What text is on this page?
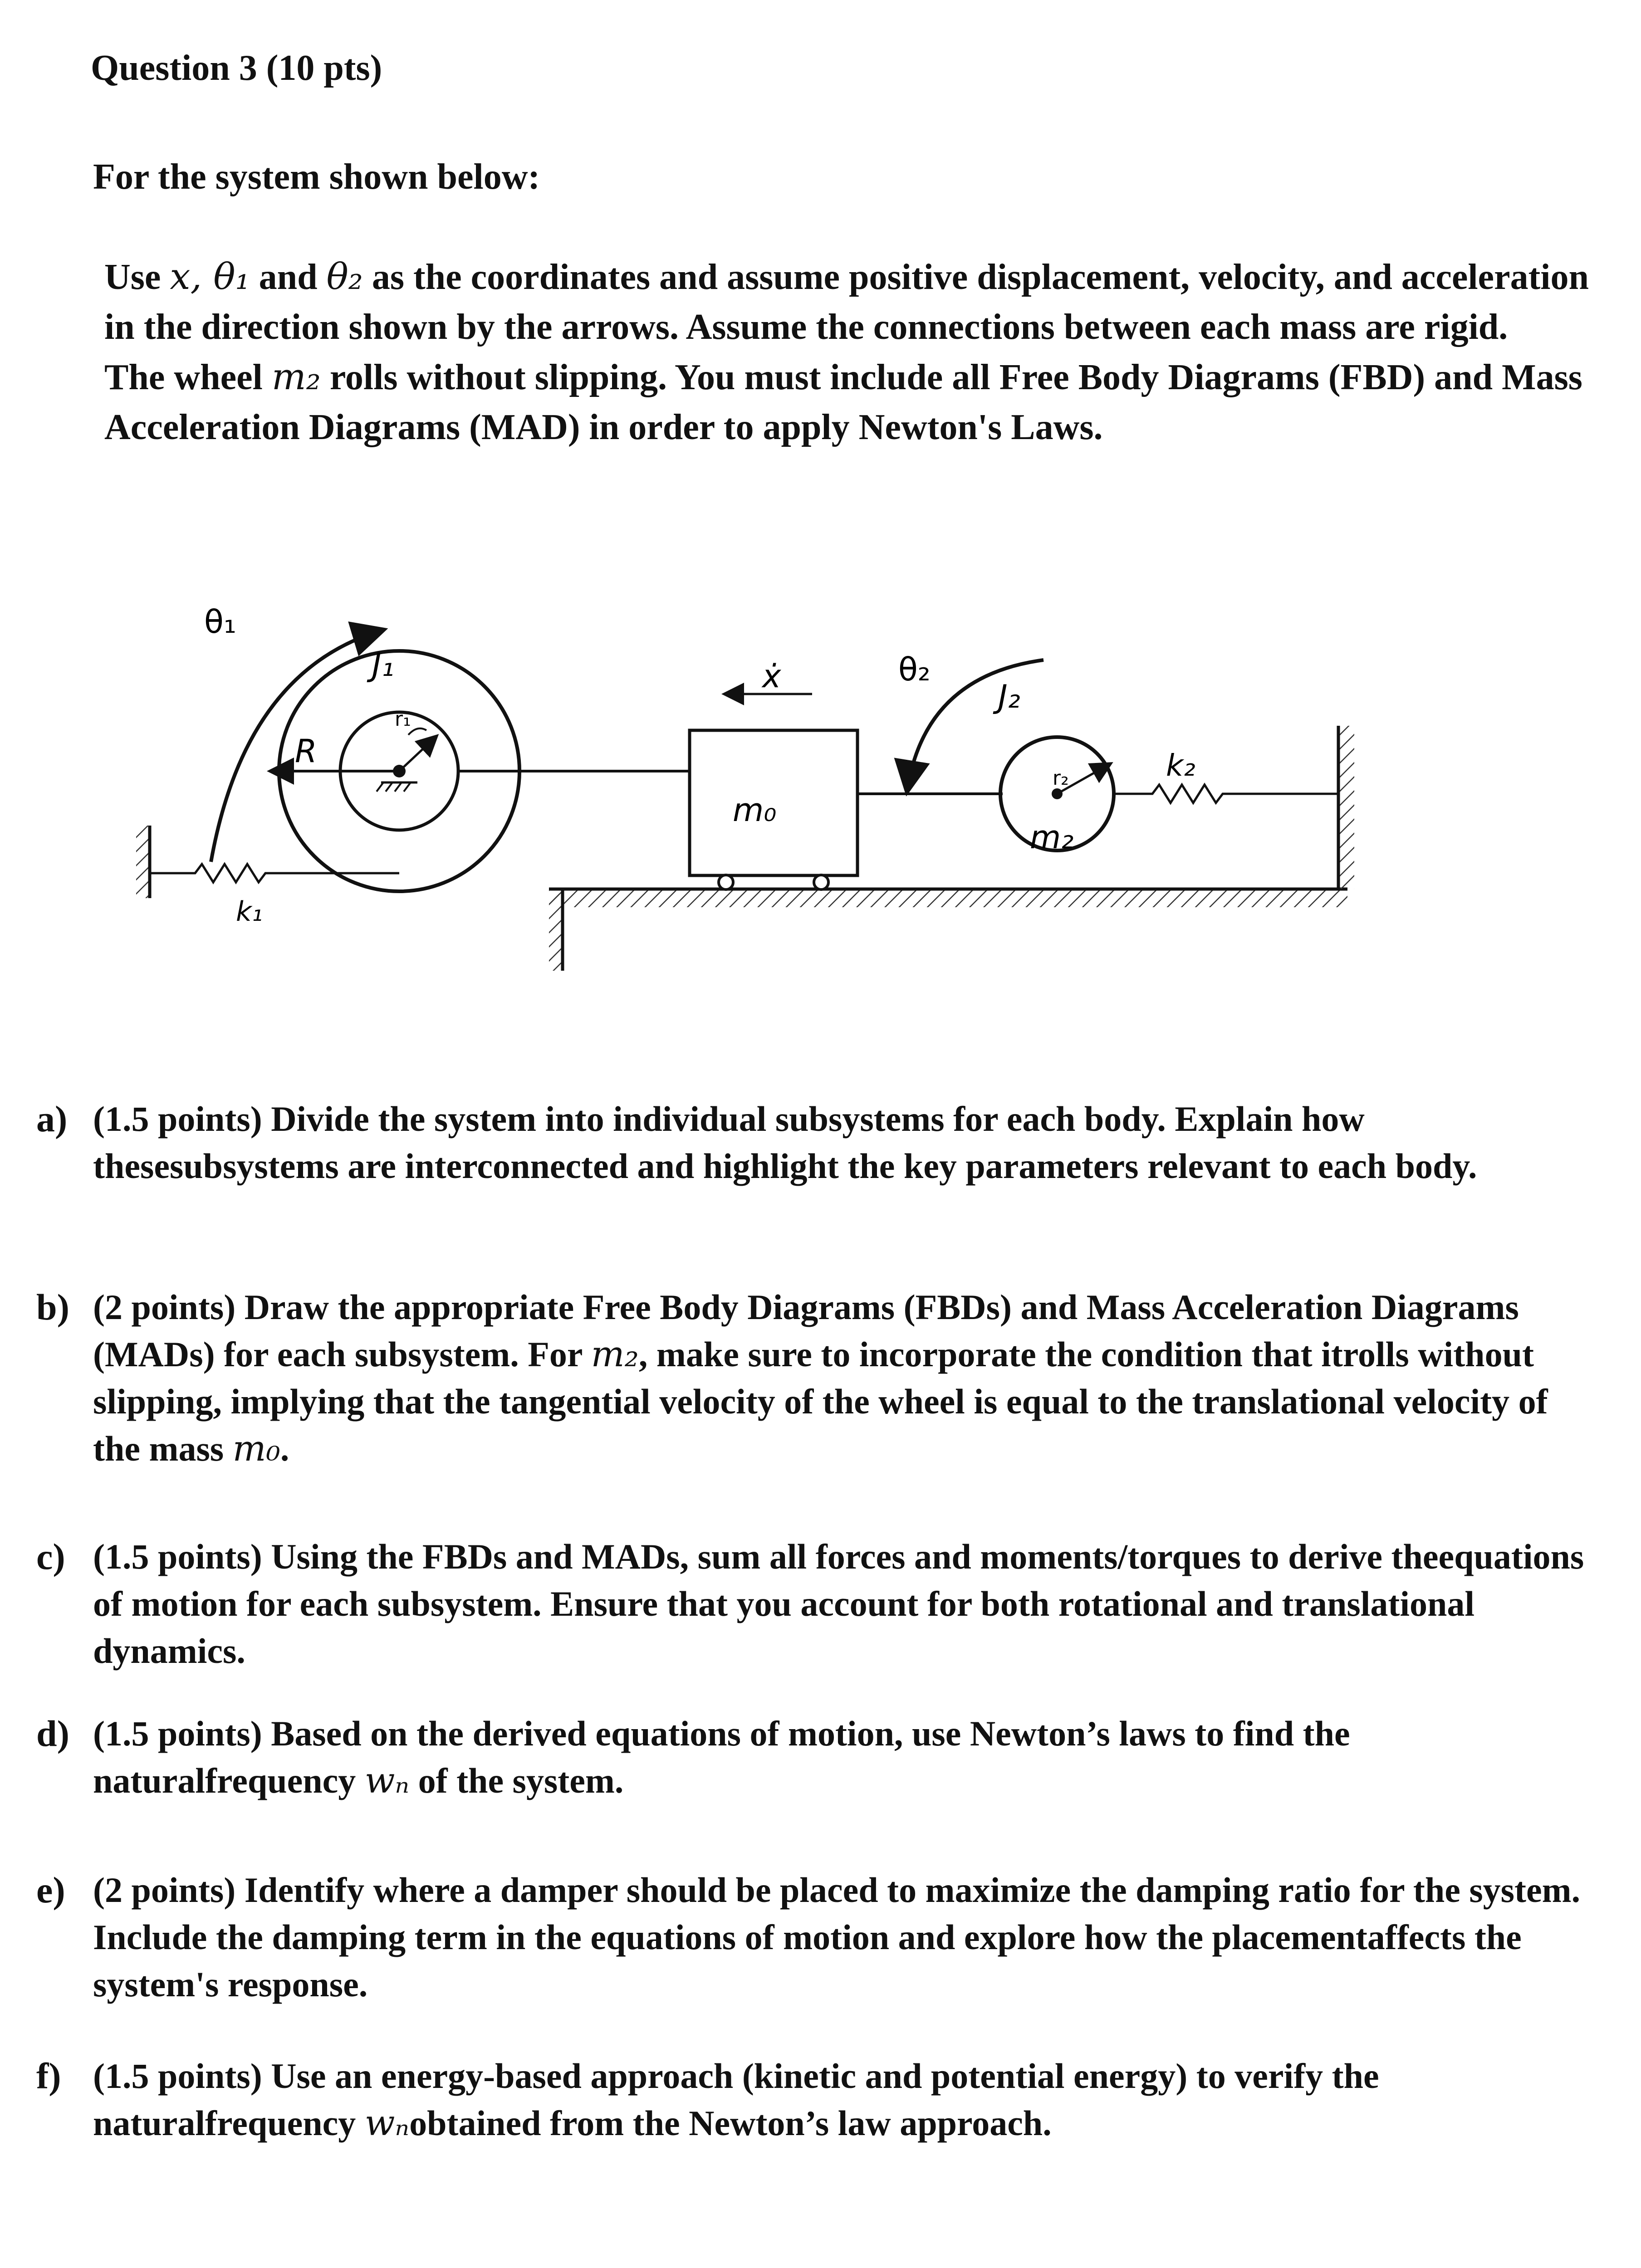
Question 3 (10 pts)
For the system shown below:

Use x, θ₁ and θ₂ as the coordinates and assume positive displacement, velocity, and acceleration in the direction shown by the arrows. Assume the connections between each mass are rigid.

The wheel m₂ rolls without slipping. You must include all Free Body Diagrams (FBD) and Mass Acceleration Diagrams (MAD) in order to apply Newton's Laws.

θ₁
J₁
r₁
R
k₁
ẋ
m₀
θ₂
J₂
r₂
m₂
k₂
a) (1.5 points) Divide the system into individual subsystems for each body. Explain how thesesubsystems are interconnected and highlight the key parameters relevant to each body.
b) (2 points) Draw the appropriate Free Body Diagrams (FBDs) and Mass Acceleration Diagrams (MADs) for each subsystem. For m₂, make sure to incorporate the condition that itrolls without slipping, implying that the tangential velocity of the wheel is equal to the translational velocity of the mass m₀.
c) (1.5 points) Using the FBDs and MADs, sum all forces and moments/torques to derive theequations of motion for each subsystem. Ensure that you account for both rotational and translational dynamics.
d) (1.5 points) Based on the derived equations of motion, use Newton’s laws to find the naturalfrequency wₙ of the system.
e) (2 points) Identify where a damper should be placed to maximize the damping ratio for the system. Include the damping term in the equations of motion and explore how the placementaffects the system's response.
f) (1.5 points) Use an energy-based approach (kinetic and potential energy) to verify the naturalfrequency wₙobtained from the Newton’s law approach.
